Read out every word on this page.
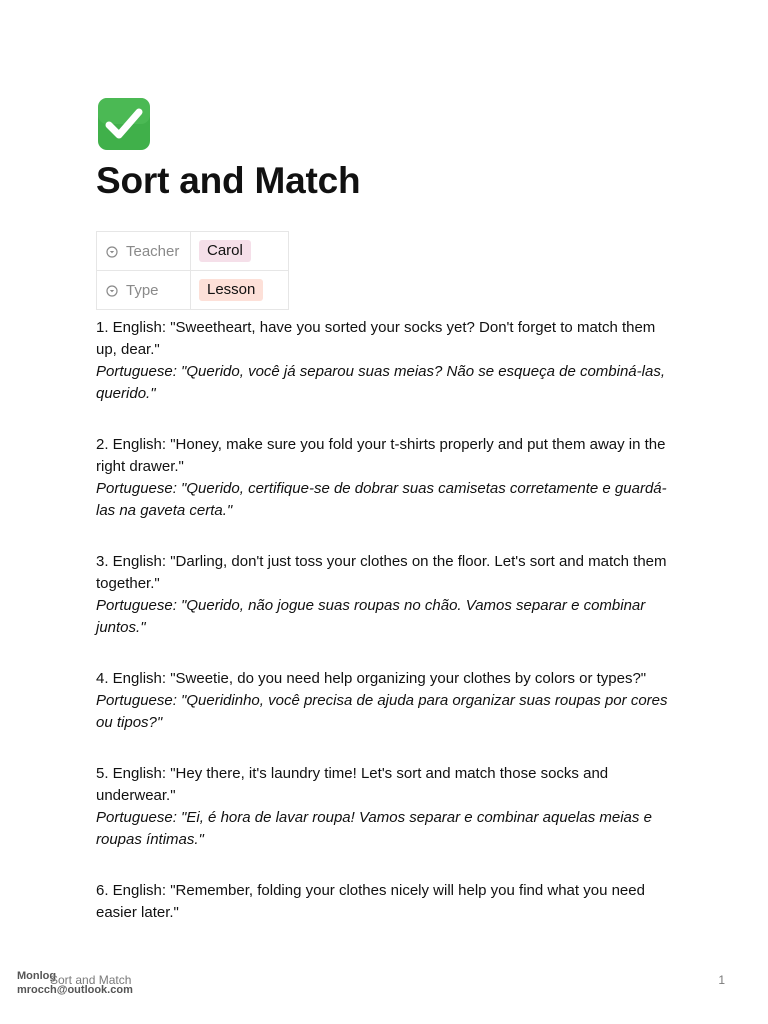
Sort and Match
Teacher	Carol

Type	Lesson
1. English: "Sweetheart, have you sorted your socks yet? Don't forget to match them up, dear."
Portuguese: "Querido, você já separou suas meias? Não se esqueça de combiná-las, querido."
2. English: "Honey, make sure you fold your t-shirts properly and put them away in the right drawer."
Portuguese: "Querido, certifique-se de dobrar suas camisetas corretamente e guardá-las na gaveta certa."
3. English: "Darling, don't just toss your clothes on the floor. Let's sort and match them together."
Portuguese: "Querido, não jogue suas roupas no chão. Vamos separar e combinar juntos."
4. English: "Sweetie, do you need help organizing your clothes by colors or types?"
Portuguese: "Queridinho, você precisa de ajuda para organizar suas roupas por cores ou tipos?"
5. English: "Hey there, it's laundry time! Let's sort and match those socks and underwear."
Portuguese: "Ei, é hora de lavar roupa! Vamos separar e combinar aquelas meias e roupas íntimas."
6. English: "Remember, folding your clothes nicely will help you find what you need easier later."
Monlog
mrocch@outlook.com
Sort and Match	1
